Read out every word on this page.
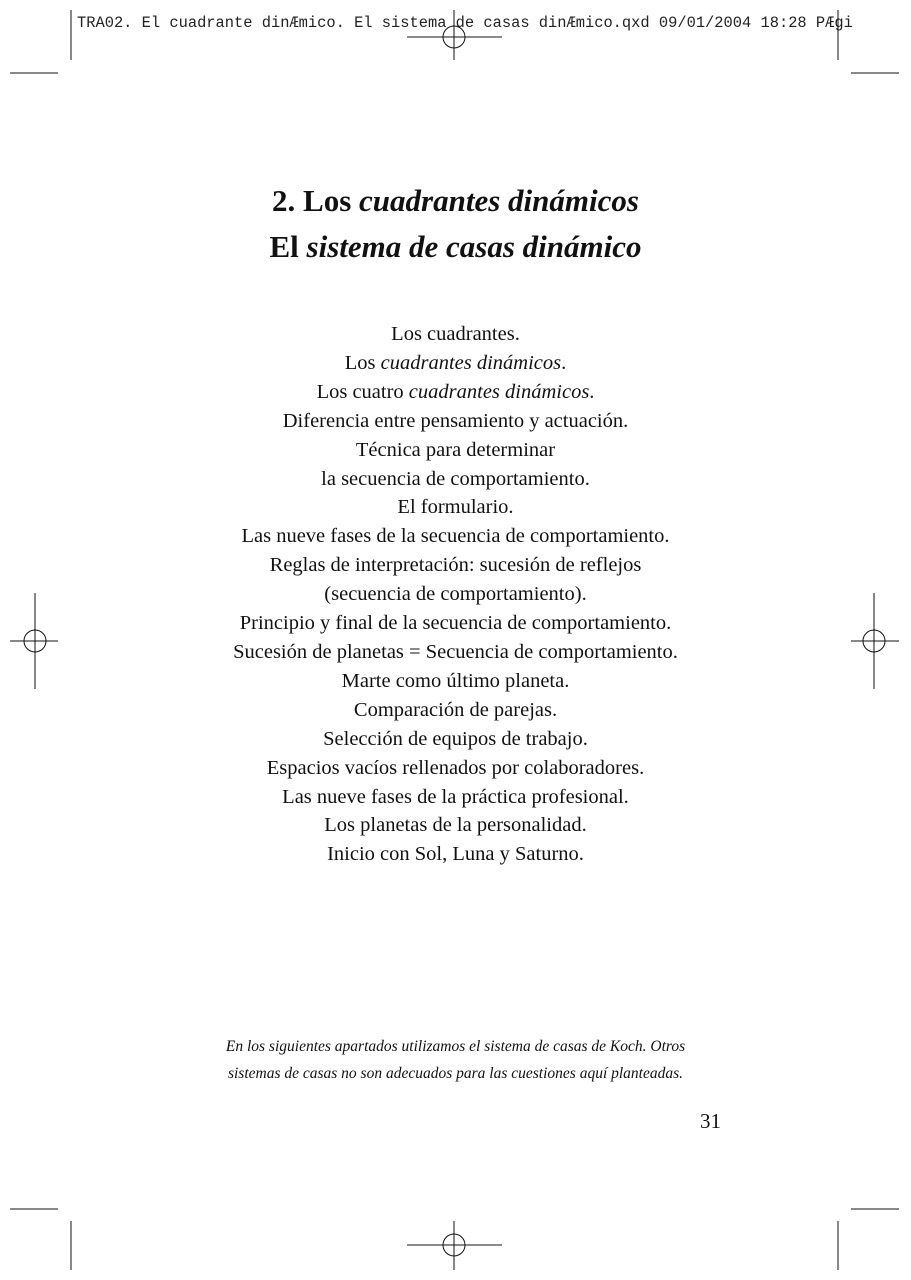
TRA02. El cuadrante dinÆmico. El sistema de casas dinÆmico.qxd 09/01/2004 18:28 PÆgi
2. Los cuadrantes dinámicos
El sistema de casas dinámico
Los cuadrantes.
Los cuadrantes dinámicos.
Los cuatro cuadrantes dinámicos.
Diferencia entre pensamiento y actuación.
Técnica para determinar
la secuencia de comportamiento.
El formulario.
Las nueve fases de la secuencia de comportamiento.
Reglas de interpretación: sucesión de reflejos
(secuencia de comportamiento).
Principio y final de la secuencia de comportamiento.
Sucesión de planetas = Secuencia de comportamiento.
Marte como último planeta.
Comparación de parejas.
Selección de equipos de trabajo.
Espacios vacíos rellenados por colaboradores.
Las nueve fases de la práctica profesional.
Los planetas de la personalidad.
Inicio con Sol, Luna y Saturno.
En los siguientes apartados utilizamos el sistema de casas de Koch. Otros
sistemas de casas no son adecuados para las cuestiones aquí planteadas.
31
